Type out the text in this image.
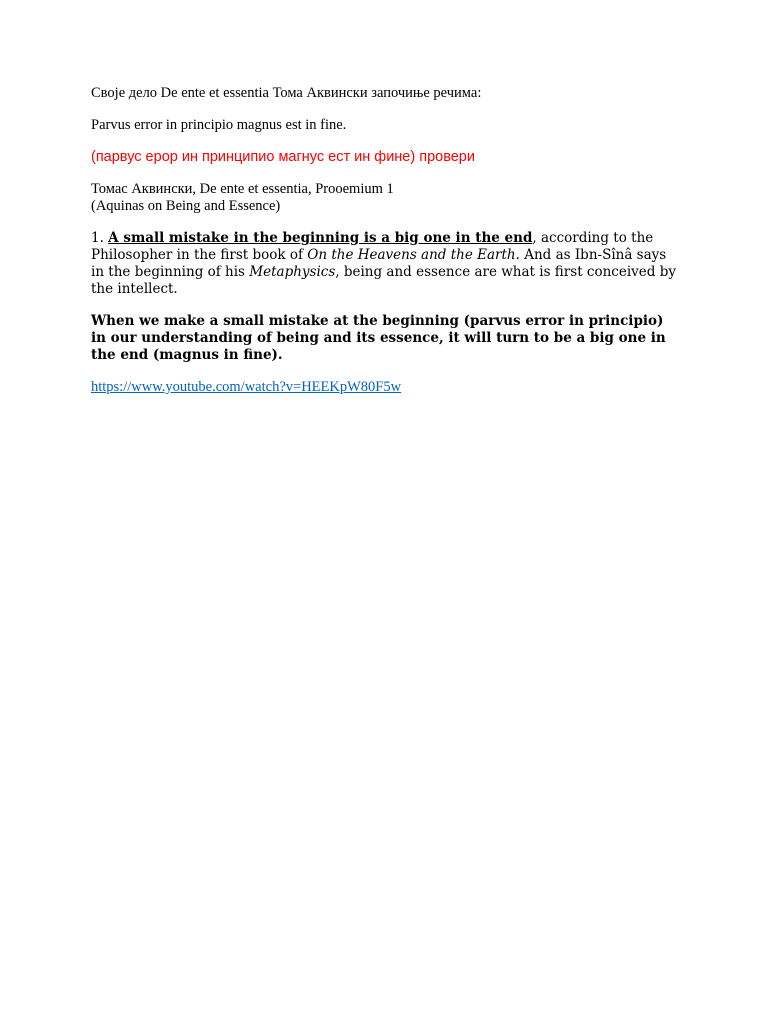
Своје дело De ente et essentia Тома Аквински започиње речима:

Parvus error in principio magnus est in fine.

(парвус ерор ин принципио магнус ест ин фине) провери

Томас Аквински, De ente et essentia, Prooemium 1
(Aquinas on Being and Essence)

1. A small mistake in the beginning is a big one in the end, according to the Philosopher in the first book of On the Heavens and the Earth. And as Ibn-Sînâ says in the beginning of his Metaphysics, being and essence are what is first conceived by the intellect.

When we make a small mistake at the beginning (parvus error in principio) in our understanding of being and its essence, it will turn to be a big one in the end (magnus in fine).

https://www.youtube.com/watch?v=HEEKpW80F5w
